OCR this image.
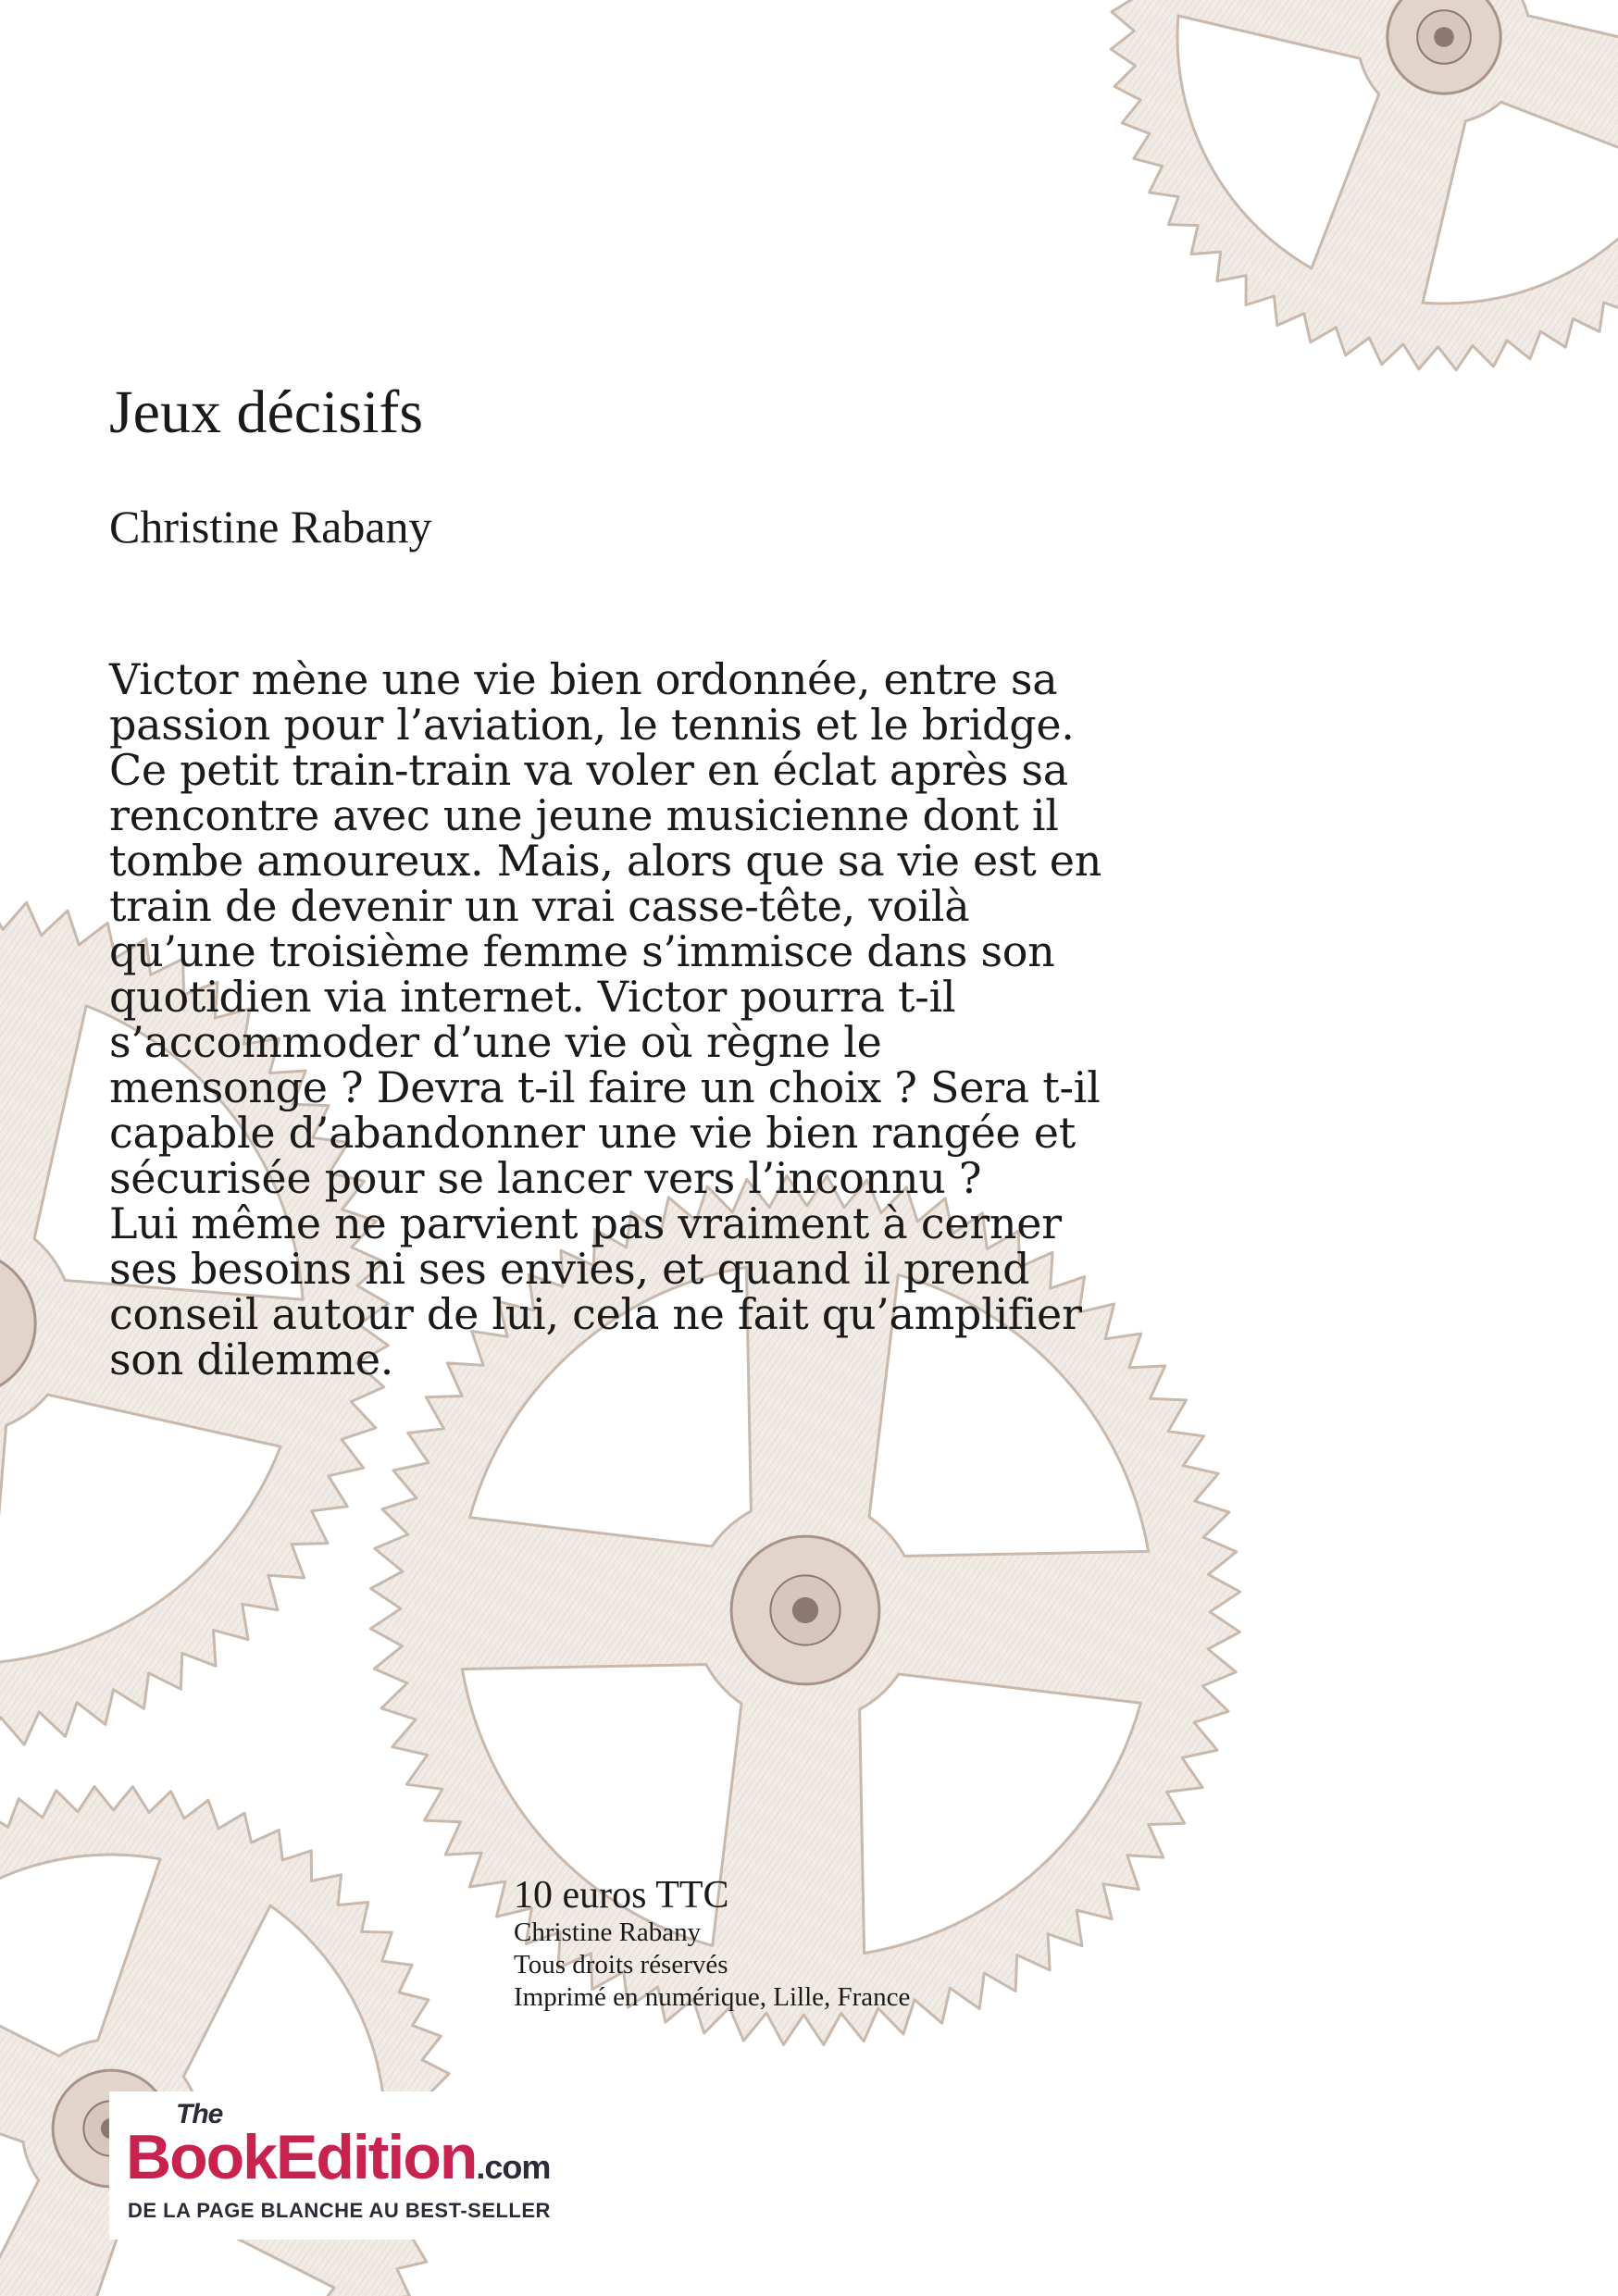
Jeux décisifs

Christine Rabany

Victor mène une vie bien ordonnée, entre sa
passion pour l’aviation, le tennis et le bridge.
Ce petit train-train va voler en éclat après sa
rencontre avec une jeune musicienne dont il
tombe amoureux. Mais, alors que sa vie est en
train de devenir un vrai casse-tête, voilà
qu’une troisième femme s’immisce dans son
quotidien via internet. Victor pourra t-il
s’accommoder d’une vie où règne le
mensonge ? Devra t-il faire un choix ? Sera t-il
capable d’abandonner une vie bien rangée et
sécurisée pour se lancer vers l’inconnu ?
Lui même ne parvient pas vraiment à cerner
ses besoins ni ses envies, et quand il prend
conseil autour de lui, cela ne fait qu’amplifier
son dilemme.
10 euros TTC
Christine Rabany
Tous droits réservés
Imprimé en numérique, Lille, France
The
BookEdition.com
DE LA PAGE BLANCHE AU BEST-SELLER
